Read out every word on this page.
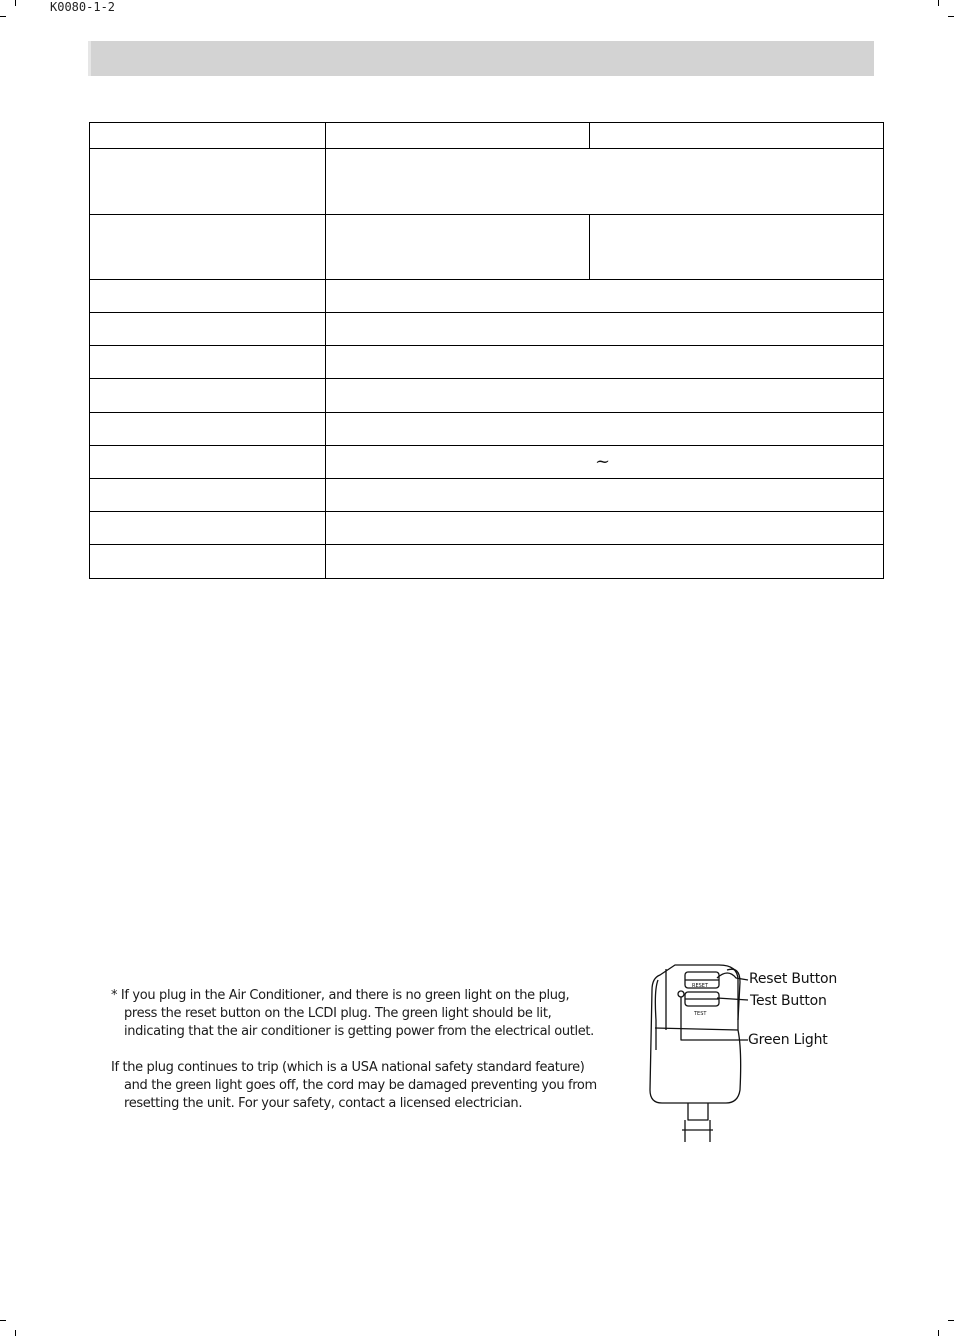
K0080-1-2

	~	

* If you plug in the Air Conditioner, and there is no green light on the plug, press the reset button on the LCDI plug. The green light should be lit, indicating that the air conditioner is getting power from the electrical outlet.

If the plug continues to trip (which is a USA national safety standard feature) and the green light goes off, the cord may be damaged preventing you from resetting the unit. For your safety, contact a licensed electrician.

RESET
TEST
Reset Button
Test Button
Green Light
